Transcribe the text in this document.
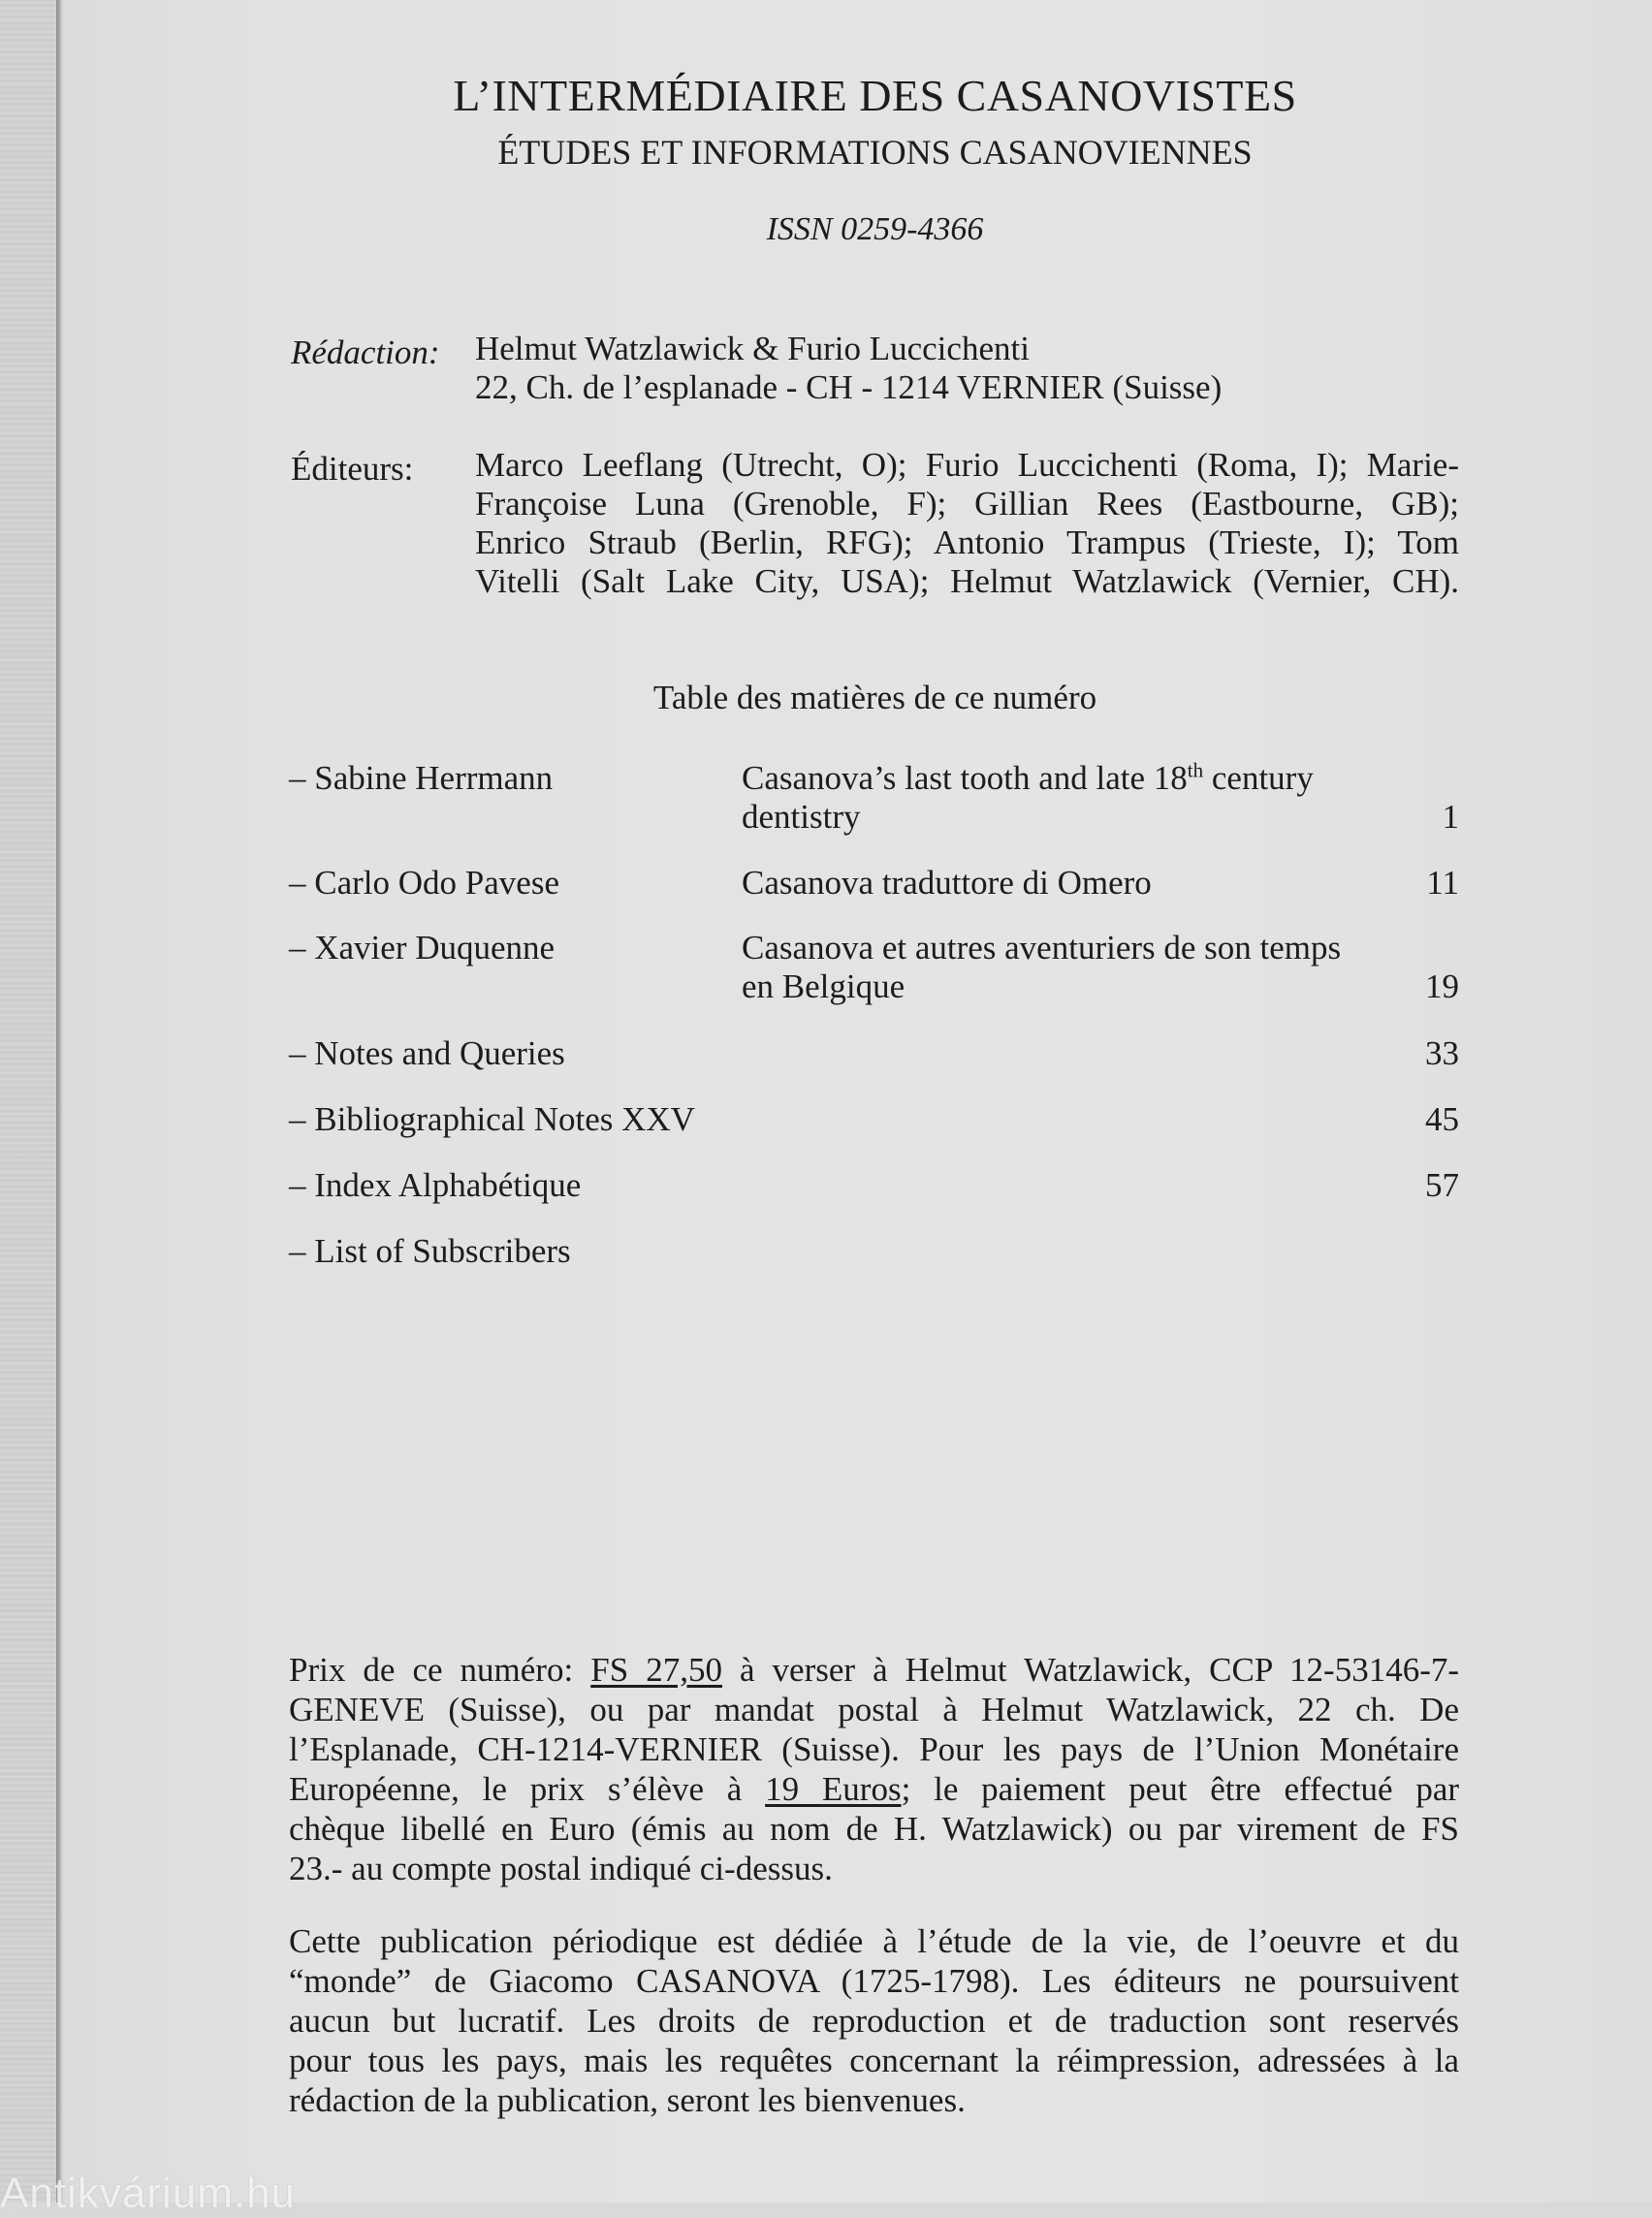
L’INTERMÉDIAIRE DES CASANOVISTES
ÉTUDES ET INFORMATIONS CASANOVIENNES
ISSN 0259-4366
Rédaction: Helmut Watzlawick & Furio Luccichenti
22, Ch. de l’esplanade - CH - 1214 VERNIER (Suisse)
Éditeurs: Marco Leeflang (Utrecht, O); Furio Luccichenti (Roma, I); Marie-
Françoise Luna (Grenoble, F); Gillian Rees (Eastbourne, GB);
Enrico Straub (Berlin, RFG); Antonio Trampus (Trieste, I); Tom
Vitelli (Salt Lake City, USA); Helmut Watzlawick (Vernier, CH).
Table des matières de ce numéro
– Sabine Herrmann	Casanova’s last tooth and late 18th century
dentistry	1
– Carlo Odo Pavese	Casanova traduttore di Omero	11
– Xavier Duquenne	Casanova et autres aventuriers de son temps
en Belgique	19
– Notes and Queries	33
– Bibliographical Notes XXV	45
– Index Alphabétique	57
– List of Subscribers
Prix de ce numéro: FS 27,50 à verser à Helmut Watzlawick, CCP 12-53146-7-
GENEVE (Suisse), ou par mandat postal à Helmut Watzlawick, 22 ch. De
l’Esplanade, CH-1214-VERNIER (Suisse). Pour les pays de l’Union Monétaire
Européenne, le prix s’élève à 19 Euros; le paiement peut être effectué par
chèque libellé en Euro (émis au nom de H. Watzlawick) ou par virement de FS
23.- au compte postal indiqué ci-dessus.
Cette publication périodique est dédiée à l’étude de la vie, de l’oeuvre et du
“monde” de Giacomo CASANOVA (1725-1798). Les éditeurs ne poursuivent
aucun but lucratif. Les droits de reproduction et de traduction sont reservés
pour tous les pays, mais les requêtes concernant la réimpression, adressées à la
rédaction de la publication, seront les bienvenues.
Antikvárium.hu
